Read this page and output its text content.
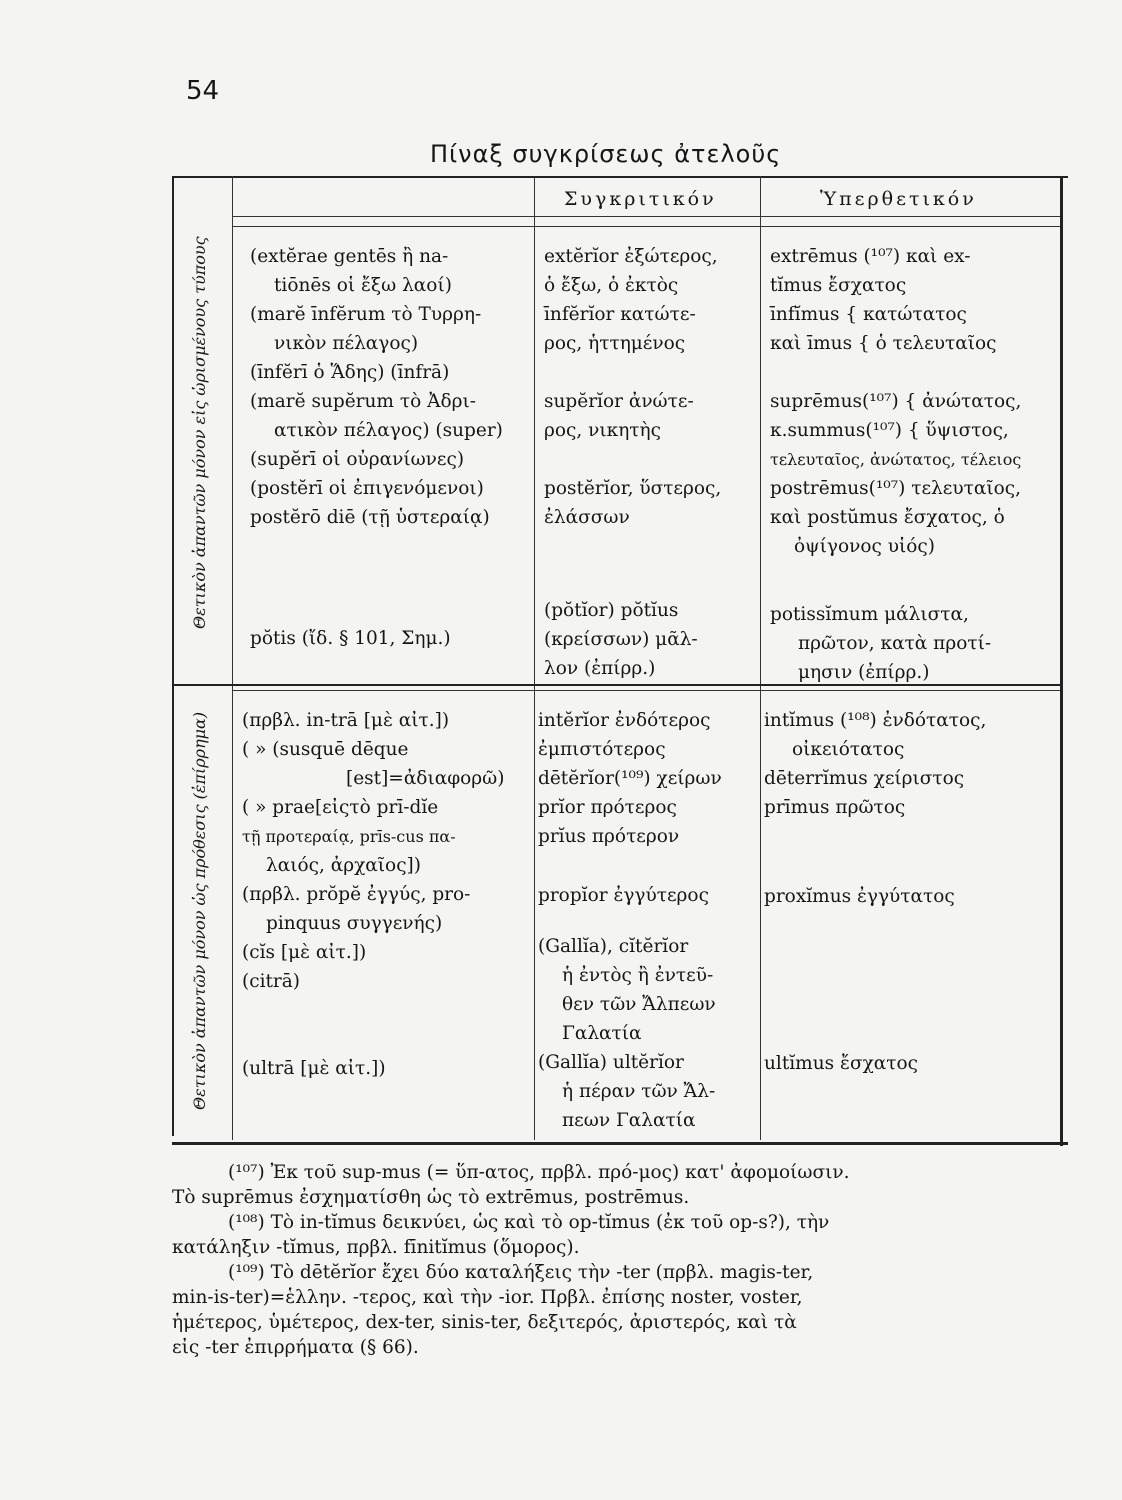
54
Πίναξ συγκρίσεως ἀτελοῦς
Θετικὸν ἀπαντῶν μόνον εἰς ὡρισμένους τύπους
Θετικὸν ἀπαντῶν μόνον ὡς πρόθεσις (ἐπίρρημα)
Συγκριτικόν	Ὑπερθετικόν
(extĕrae gentēs ἢ na-
tiōnēs οἱ ἔξω λαοί)
(marĕ īnfĕrum τὸ Τυρρη-
νικὸν πέλαγος)
(īnfĕrī ὁ Ἅδης) (īnfrā)
(marĕ supĕrum τὸ Ἀδρι-
ατικὸν πέλαγος) (super)
(supĕrī οἱ οὐρανίωνες)
(postĕrī οἱ ἐπιγενόμενοι)
postĕrō diē (τῇ ὑστεραίᾳ)
extĕrĭor ἐξώτερος,
ὁ ἔξω, ὁ ἐκτὸς
īnfĕrĭor κατώτε-
ρος, ἡττημένος
supĕrĭor ἀνώτε-
ρος, νικητὴς
postĕrĭor, ὕστερος,
ἐλάσσων
extrēmus (¹⁰⁷) καὶ ex-
tĭmus ἔσχατος
īnfĭmus { κατώτατος
καὶ īmus { ὁ τελευταῖος
suprēmus(¹⁰⁷) { ἀνώτατος,
κ.summus(¹⁰⁷) { ὕψιστος,
τελευταῖος, ἀνώτατος, τέλειος
postrēmus(¹⁰⁷) τελευταῖος,
καὶ postŭmus ἔσχατος, ὁ
ὀψίγονος υἱός)
pŏtis (ἴδ. § 101, Σημ.)
(pŏtĭor) pŏtĭus
(κρείσσων) μᾶλ-
λον (ἐπίρρ.)
potissĭmum μάλιστα,
πρῶτον, κατὰ προτί-
μησιν (ἐπίρρ.)
(πρβλ. in-trā [μὲ αἰτ.])
( » (susquē dēque
[est]=ἀδιαφορῶ)
( » prae[εἰςτὸ prī-dĭe
τῇ προτεραίᾳ, prīs-cus πα-
λαιός, ἀρχαῖος])
(πρβλ. prŏpĕ ἐγγύς, pro-
pinquus συγγενής)
(cĭs [μὲ αἰτ.])
(citrā)
(ultrā [μὲ αἰτ.])
intĕrĭor ἐνδότερος
ἐμπιστότερος
dētĕrĭor(¹⁰⁹) χείρων
prĭor πρότερος
prĭus πρότερον
propĭor ἐγγύτερος
(Gallĭa), cĭtĕrĭor
ἡ ἐντὸς ἢ ἐντεῦ-
θεν τῶν Ἄλπεων
Γαλατία
(Gallĭa) ultĕrĭor
ἡ πέραν τῶν Ἄλ-
πεων Γαλατία
intĭmus (¹⁰⁸) ἐνδότατος,
οἰκειότατος
dēterrĭmus χείριστος
prīmus πρῶτος
proxĭmus ἐγγύτατος
ultĭmus ἔσχατος
(¹⁰⁷) Ἐκ τοῦ sup-mus (= ὕπ-ατος, πρβλ. πρό-μος) κατ' ἀφομοίωσιν.
Τὸ suprēmus ἐσχηματίσθη ὡς τὸ extrēmus, postrēmus.
(¹⁰⁸) Τὸ in-tĭmus δεικνύει, ὡς καὶ τὸ op-tĭmus (ἐκ τοῦ op-s?), τὴν
κατάληξιν -tĭmus, πρβλ. fīnitĭmus (ὅμορος).
(¹⁰⁹) Τὸ dētĕrĭor ἔχει δύο καταλήξεις τὴν -ter (πρβλ. magis-ter,
min-is-ter)=ἑλλην. -τερος, καὶ τὴν -ior. Πρβλ. ἐπίσης noster, voster,
ἡμέτερος, ὑμέτερος, dex-ter, sinis-ter, δεξιτερός, ἀριστερός, καὶ τὰ
εἰς -ter ἐπιρρήματα (§ 66).
